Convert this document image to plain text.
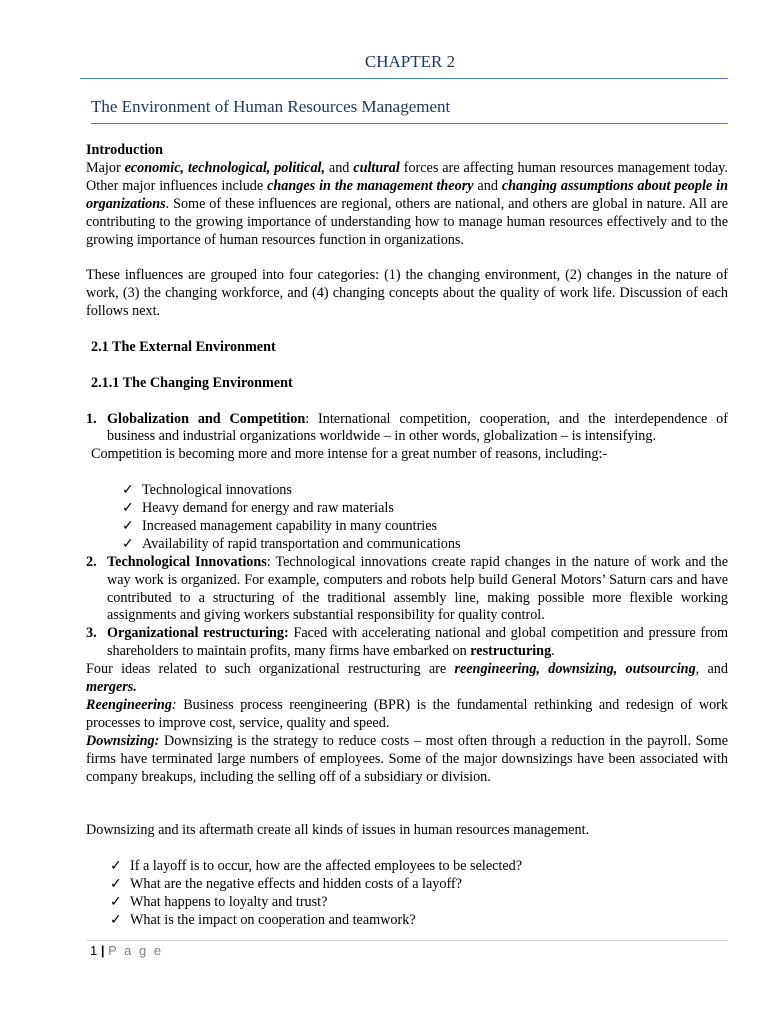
CHAPTER 2
The Environment of Human Resources Management

Introduction

Major economic, technological, political, and cultural forces are affecting human resources management today. Other major influences include changes in the management theory and changing assumptions about people in organizations. Some of these influences are regional, others are national, and others are global in nature. All are contributing to the growing importance of understanding how to manage human resources effectively and to the growing importance of human resources function in organizations.

These influences are grouped into four categories: (1) the changing environment, (2) changes in the nature of work, (3) the changing workforce, and (4) changing concepts about the quality of work life. Discussion of each follows next.

2.1 The External Environment

2.1.1 The Changing Environment

1. Globalization and Competition: International competition, cooperation, and the interdependence of business and industrial organizations worldwide – in other words, globalization – is intensifying.

Competition is becoming more and more intense for a great number of reasons, including:-

✓ Technological innovations
✓ Heavy demand for energy and raw materials
✓ Increased management capability in many countries
✓ Availability of rapid transportation and communications
2. Technological Innovations: Technological innovations create rapid changes in the nature of work and the way work is organized. For example, computers and robots help build General Motors’ Saturn cars and have contributed to a structuring of the traditional assembly line, making possible more flexible working assignments and giving workers substantial responsibility for quality control.
3. Organizational restructuring: Faced with accelerating national and global competition and pressure from shareholders to maintain profits, many firms have embarked on restructuring.

Four ideas related to such organizational restructuring are reengineering, downsizing, outsourcing, and mergers.

Reengineering: Business process reengineering (BPR) is the fundamental rethinking and redesign of work processes to improve cost, service, quality and speed.

Downsizing: Downsizing is the strategy to reduce costs – most often through a reduction in the payroll. Some firms have terminated large numbers of employees. Some of the major downsizings have been associated with company breakups, including the selling off of a subsidiary or division.

Downsizing and its aftermath create all kinds of issues in human resources management.

✓ If a layoff is to occur, how are the affected employees to be selected?
✓ What are the negative effects and hidden costs of a layoff?
✓ What happens to loyalty and trust?
✓ What is the impact on cooperation and teamwork?
1 | P a g e
